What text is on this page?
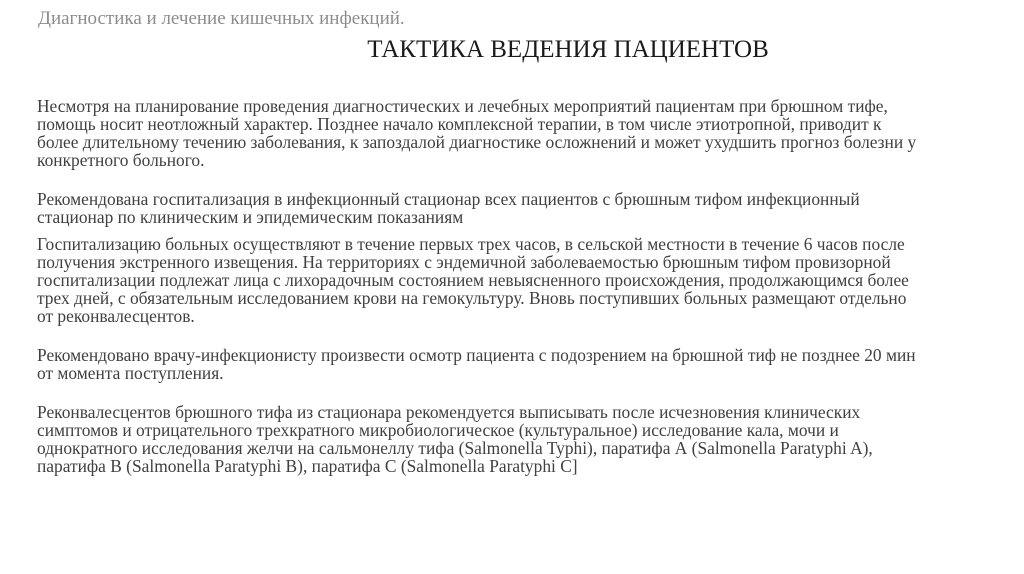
Диагностика и лечение кишечных инфекций.
ТАКТИКА ВЕДЕНИЯ ПАЦИЕНТОВ

Несмотря на планирование проведения диагностических и лечебных мероприятий пациентам при брюшном тифе, помощь носит неотложный характер. Позднее начало комплексной терапии, в том числе этиотропной, приводит к более длительному течению заболевания, к запоздалой диагностике осложнений и может ухудшить прогноз болезни у конкретного больного.

Рекомендована госпитализация в инфекционный стационар всех пациентов с брюшным тифом инфекционный стационар по клиническим и эпидемическим показаниям

Госпитализацию больных осуществляют в течение первых трех часов, в сельской местности в течение 6 часов после получения экстренного извещения. На территориях с эндемичной заболеваемостью брюшным тифом провизорной госпитализации подлежат лица с лихорадочным состоянием невыясненного происхождения, продолжающимся более трех дней, с обязательным исследованием крови на гемокультуру. Вновь поступивших больных размещают отдельно от реконвалесцентов.

Рекомендовано врачу-инфекционисту произвести осмотр пациента с подозрением на брюшной тиф не позднее 20 мин от момента поступления.

Реконвалесцентов брюшного тифа из стационара рекомендуется выписывать после исчезновения клинических симптомов и отрицательного трехкратного микробиологическое (культуральное) исследование кала, мочи и однократного исследования желчи на сальмонеллу тифа (Salmonella Typhi), паратифа А (Salmonella Paratyphi A), паратифа В (Salmonella Paratyphi B), паратифа С (Salmonella Paratyphi C]
